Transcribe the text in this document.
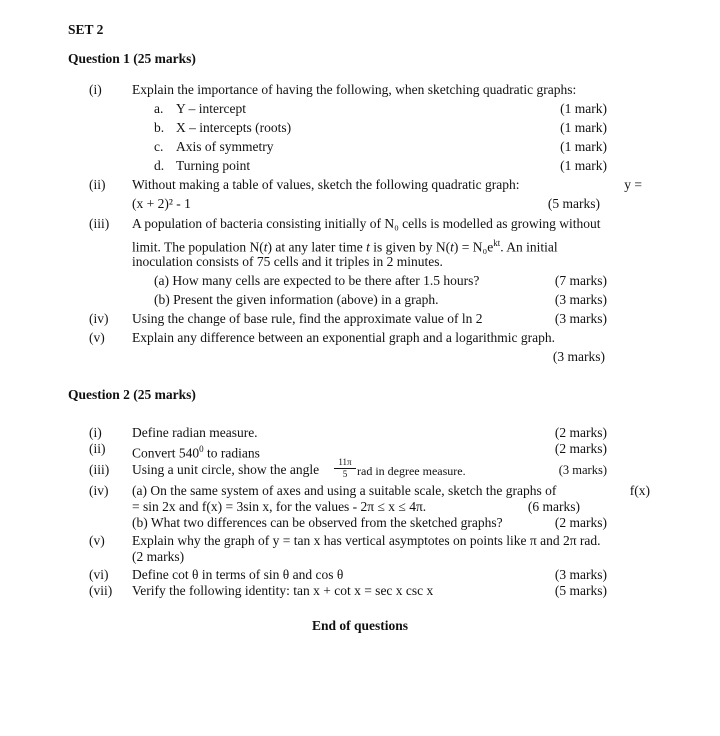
SET 2
Question 1 (25 marks)
(i) Explain the importance of having the following, when sketching quadratic graphs:
a. Y – intercept	(1 mark)
b. X – intercepts (roots)	(1 mark)
c. Axis of symmetry	(1 mark)
d. Turning point	(1 mark)
(ii) Without making a table of values, sketch the following quadratic graph:	y =
(x + 2)² - 1	(5 marks)
(iii) A population of bacteria consisting initially of N₀ cells is modelled as growing without
limit. The population N(t) at any later time t is given by $N(t) = N_0e^{kt}$. An initial
inoculation consists of 75 cells and it triples in 2 minutes.
(a) How many cells are expected to be there after 1.5 hours?	(7 marks)
(b) Present the given information (above) in a graph.	(3 marks)
(iv) Using the change of base rule, find the approximate value of ln 2	(3 marks)
(v) Explain any difference between an exponential graph and a logarithmic graph.
(3 marks)
Question 2 (25 marks)
(i) Define radian measure.	(2 marks)
(ii) Convert $540^0$ to radians	(2 marks)
(iii) Using a unit circle, show the angle $\frac{11\pi}{5}$ rad in degree measure.	(3 marks)
(iv) (a) On the same system of axes and using a suitable scale, sketch the graphs of	f(x)
= sin 2x and f(x) = 3sin x, for the values - 2π ≤ x ≤ 4π.	(6 marks)
(b) What two differences can be observed from the sketched graphs?	(2 marks)
(v) Explain why the graph of y = tan x has vertical asymptotes on points like π and 2π rad.
(2 marks)
(vi) Define cot θ in terms of sin θ and cos θ	(3 marks)
(vii) Verify the following identity: tan x + cot x = sec x csc x	(5 marks)
End of questions
